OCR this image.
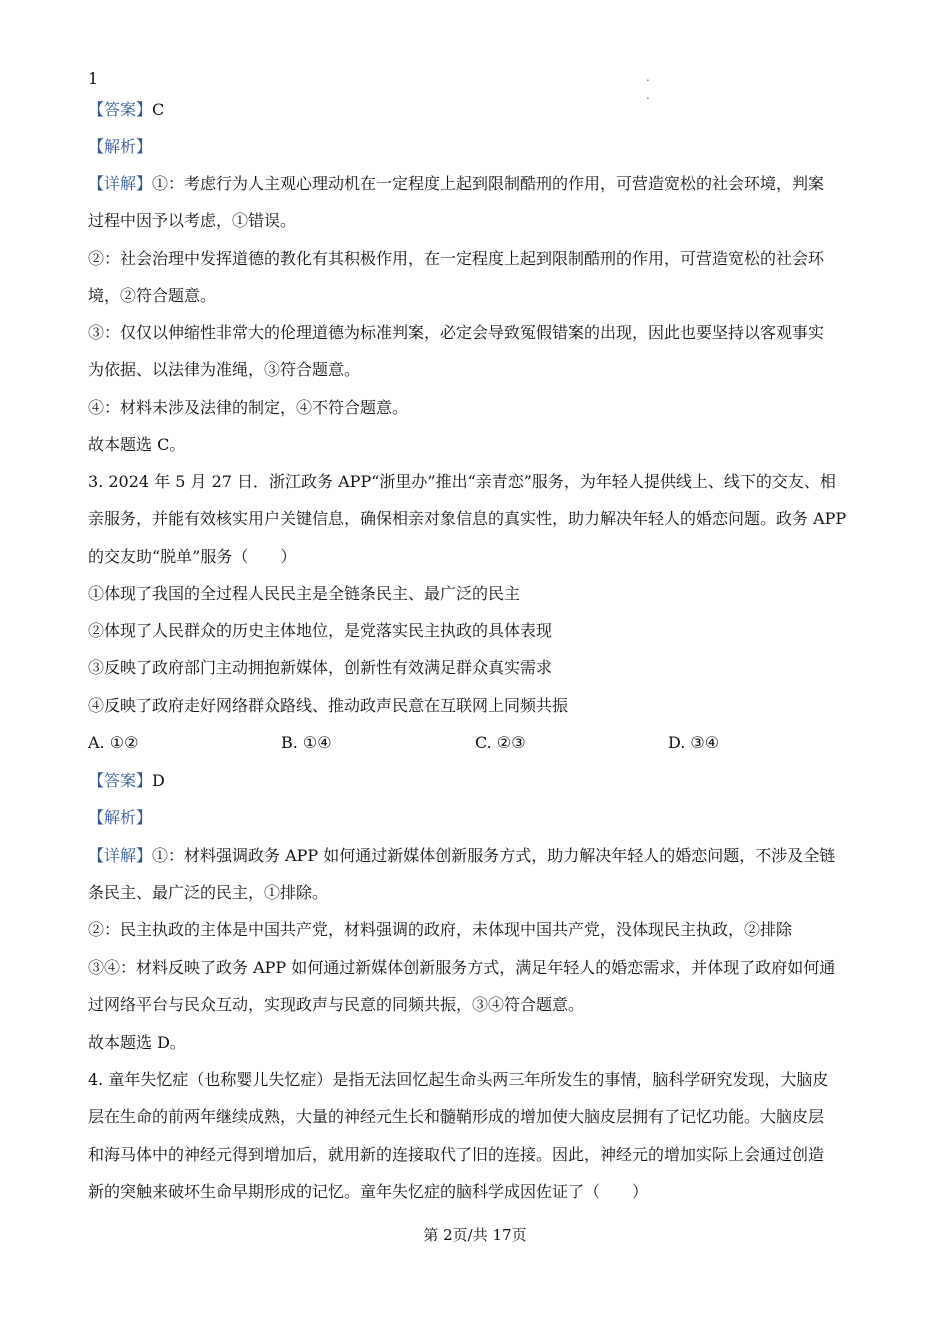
1	.
.
【答案】C
【解析】
【详解】①：考虑行为人主观心理动机在一定程度上起到限制酷刑的作用，可营造宽松的社会环境，判案
过程中因予以考虑，①错误。
②：社会治理中发挥道德的教化有其积极作用，在一定程度上起到限制酷刑的作用，可营造宽松的社会环
境，②符合题意。
③：仅仅以伸缩性非常大的伦理道德为标准判案，必定会导致冤假错案的出现，因此也要坚持以客观事实
为依据、以法律为准绳，③符合题意。
④：材料未涉及法律的制定，④不符合题意。
故本题选 C。
3. 2024 年 5 月 27 日．浙江政务 APP“浙里办”推出“亲青恋”服务，为年轻人提供线上、线下的交友、相
亲服务，并能有效核实用户关键信息，确保相亲对象信息的真实性，助力解决年轻人的婚恋问题。政务 APP
的交友助“脱单”服务（　　）
①体现了我国的全过程人民民主是全链条民主、最广泛的民主
②体现了人民群众的历史主体地位，是党落实民主执政的具体表现
③反映了政府部门主动拥抱新媒体，创新性有效满足群众真实需求
④反映了政府走好网络群众路线、推动政声民意在互联网上同频共振
A. ①②	B. ①④	C. ②③	D. ③④
【答案】D
【解析】
【详解】①：材料强调政务 APP 如何通过新媒体创新服务方式，助力解决年轻人的婚恋问题，不涉及全链
条民主、最广泛的民主，①排除。
②：民主执政的主体是中国共产党，材料强调的政府，未体现中国共产党，没体现民主执政，②排除
③④：材料反映了政务 APP 如何通过新媒体创新服务方式，满足年轻人的婚恋需求，并体现了政府如何通
过网络平台与民众互动，实现政声与民意的同频共振，③④符合题意。
故本题选 D。
4. 童年失忆症（也称婴儿失忆症）是指无法回忆起生命头两三年所发生的事情，脑科学研究发现，大脑皮
层在生命的前两年继续成熟，大量的神经元生长和髓鞘形成的增加使大脑皮层拥有了记忆功能。大脑皮层
和海马体中的神经元得到增加后，就用新的连接取代了旧的连接。因此，神经元的增加实际上会通过创造
新的突触来破坏生命早期形成的记忆。童年失忆症的脑科学成因佐证了（　　）
第 2页/共 17页
